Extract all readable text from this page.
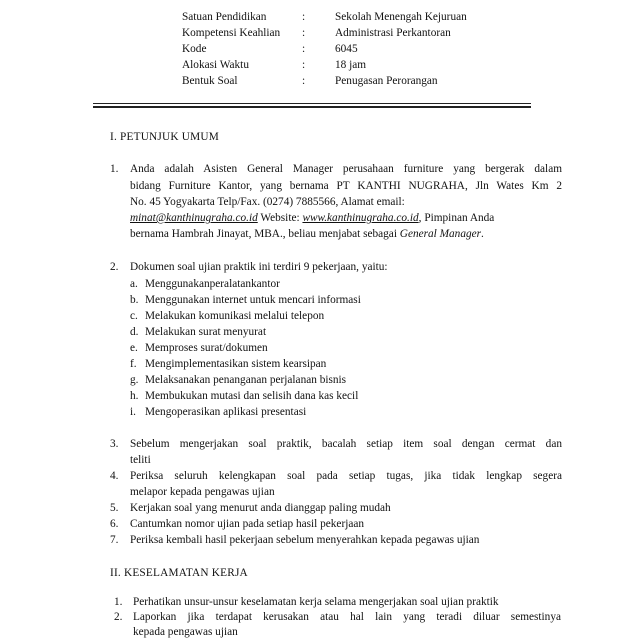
Satuan Pendidikan	:	Sekolah Menengah Kejuruan
Kompetensi Keahlian :	Administrasi Perkantoran
Kode	:	6045
Alokasi Waktu	:	18 jam
Bentuk Soal	:	Penugasan Perorangan
I. PETUNJUK UMUM
1. Anda adalah Asisten General Manager perusahaan furniture yang bergerak dalam
bidang Furniture Kantor, yang bernama PT KANTHI NUGRAHA, Jln Wates Km 2
No. 45 Yogyakarta Telp/Fax. (0274) 7885566, Alamat email:
minat@kanthinugraha.co.id Website: www.kanthinugraha.co.id, Pimpinan Anda
bernama Hambrah Jinayat, MBA., beliau menjabat sebagai General Manager.
2. Dokumen soal ujian praktik ini terdiri 9 pekerjaan, yaitu:
a. Menggunakanperalatankantor
b. Menggunakan internet untuk mencari informasi
c. Melakukan komunikasi melalui telepon
d. Melakukan surat menyurat
e. Memproses surat/dokumen
f. Mengimplementasikan sistem kearsipan
g. Melaksanakan penanganan perjalanan bisnis
h. Membukukan mutasi dan selisih dana kas kecil
i. Mengoperasikan aplikasi presentasi
3. Sebelum mengerjakan soal praktik, bacalah setiap item soal dengan cermat dan
teliti
4. Periksa seluruh kelengkapan soal pada setiap tugas, jika tidak lengkap segera
melapor kepada pengawas ujian
5. Kerjakan soal yang menurut anda dianggap paling mudah
6. Cantumkan nomor ujian pada setiap hasil pekerjaan
7. Periksa kembali hasil pekerjaan sebelum menyerahkan kepada pegawas ujian
II. KESELAMATAN KERJA
1. Perhatikan unsur-unsur keselamatan kerja selama mengerjakan soal ujian praktik
2. Laporkan jika terdapat kerusakan atau hal lain yang teradi diluar semestinya
kepada pengawas ujian
